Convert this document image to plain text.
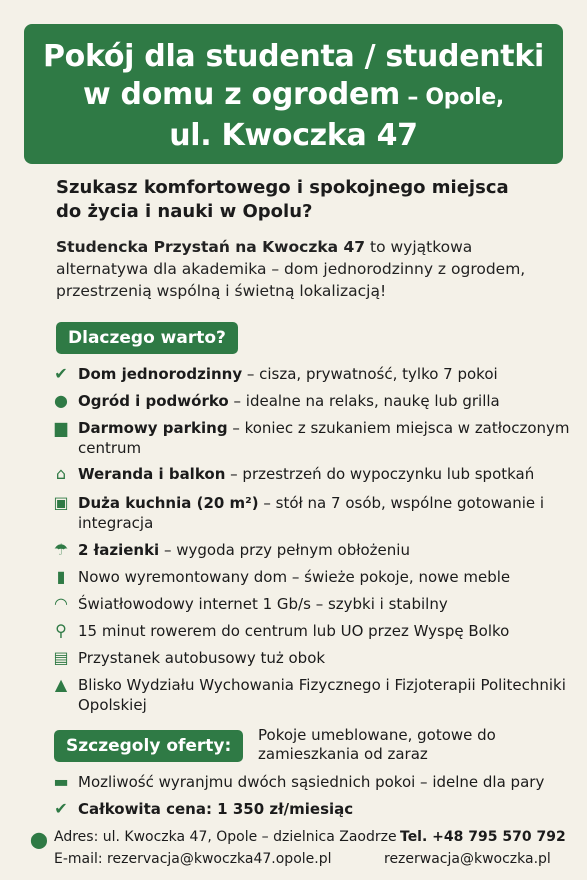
Pokój dla studenta / studentki
w domu z ogrodem – Opole,
ul. Kwoczka 47
Szukasz komfortowego i spokojnego miejsca do życia i nauki w Opolu?
Studencka Przystań na Kwoczka 47 to wyjątkowa alternatywa dla akademika – dom jednorodzinny z ogrodem, przestrzenią wspólną i świetną lokalizacją!
Dlaczego warto?
✔ Dom jednorodzinny – cisza, prywatność, tylko 7 pokoi
● Ogród i podwórko – idealne na relaks, naukę lub grilla
▆ Darmowy parking – koniec z szukaniem miejsca w zatłoczonym centrum
⌂ Weranda i balkon – przestrzeń do wypoczynku lub spotkań
▣ Duża kuchnia (20 m²) – stół na 7 osób, wspólne gotowanie i integracja
☂ 2 łazienki – wygoda przy pełnym obłożeniu
▮ Nowo wyremontowany dom – świeże pokoje, nowe meble
◠ Światłowodowy internet 1 Gb/s – szybki i stabilny
⚲ 15 minut rowerem do centrum lub UO przez Wyspę Bolko
▤ Przystanek autobusowy tuż obok
▲ Blisko Wydziału Wychowania Fizycznego i Fizjoterapii Politechniki Opolskiej
Szczegoly oferty:
Pokoje umeblowane, gotowe do zamieszkania od zaraz
▬ Mozliwość wyranjmu dwóch sąsiednich pokoi – idelne dla pary
✔ Całkowita cena: 1 350 zł/miesiąc
⬤ Adres: ul. Kwoczka 47, Opole – dzielnica Zaodrze Tel. +48 795 570 792
E-mail: rezervacja@kwoczka47.opole.pl	rezerwacja@kwoczka.pl
